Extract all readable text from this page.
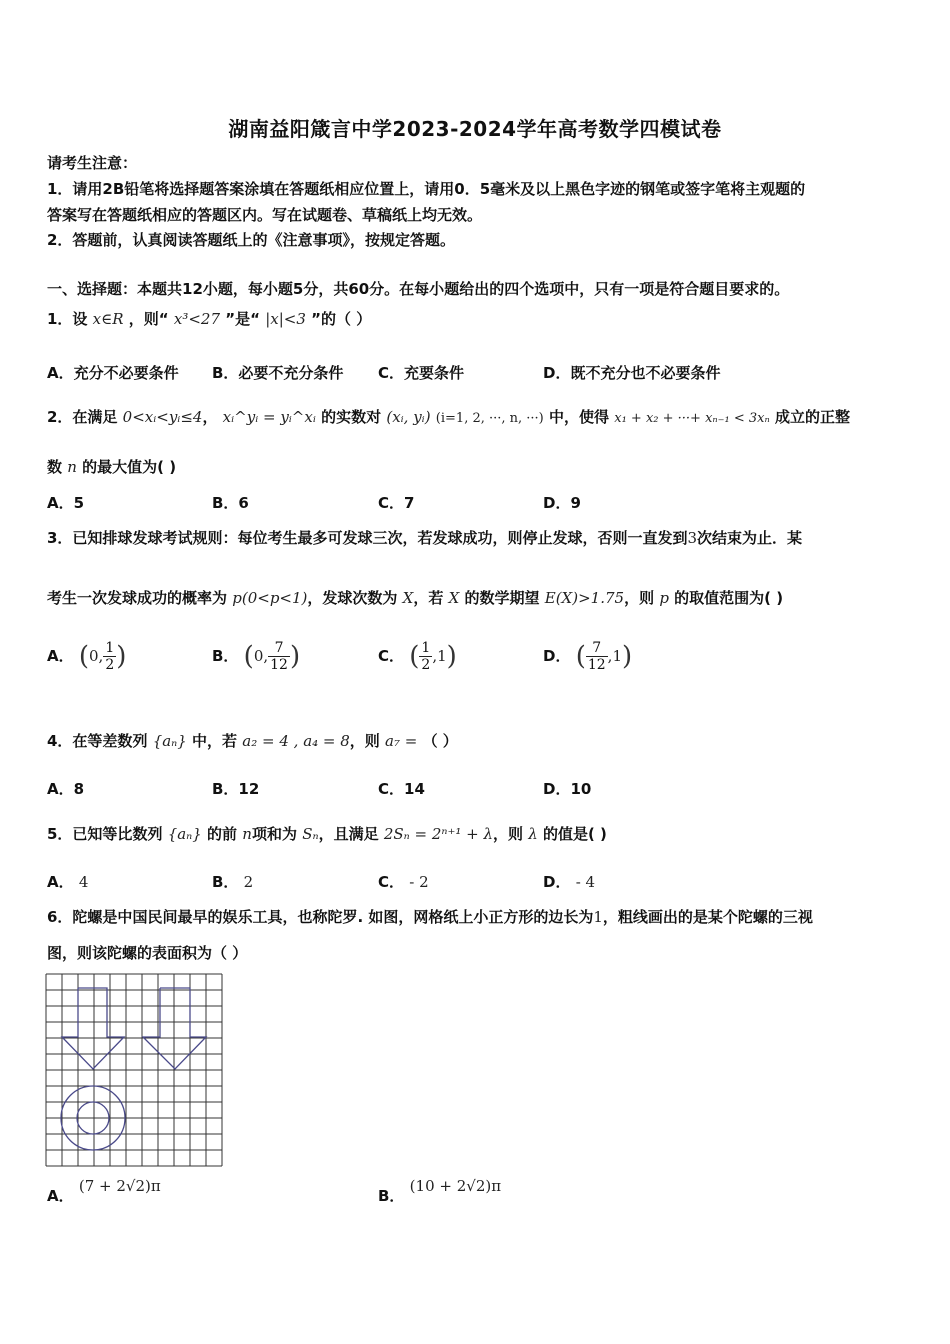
湖南益阳箴言中学2023-2024学年高考数学四模试卷
请考生注意：
1．请用2B铅笔将选择题答案涂填在答题纸相应位置上，请用0．5毫米及以上黑色字迹的钢笔或签字笔将主观题的
答案写在答题纸相应的答题区内。写在试题卷、草稿纸上均无效。
2．答题前，认真阅读答题纸上的《注意事项》，按规定答题。
一、选择题：本题共12小题，每小题5分，共60分。在每小题给出的四个选项中，只有一项是符合题目要求的。
1．设 x∈R ，则“ x³<27 ”是“ |x|<3 ”的（ ）
A．充分不必要条件 B．必要不充分条件 C．充要条件	D．既不充分也不必要条件
2．在满足 0<xᵢ<yᵢ≤4， xᵢ^yᵢ = yᵢ^xᵢ 的实数对 (xᵢ, yᵢ) (i=1, 2, ···, n, ···) 中，使得 x₁ + x₂ + ···+ xₙ₋₁ < 3xₙ 成立的正整
数 n 的最大值为( )
A．5	B．6	C．7	D．9
3．已知排球发球考试规则：每位考生最多可发球三次，若发球成功，则停止发球，否则一直发到3次结束为止．某
考生一次发球成功的概率为 p(0<p<1)，发球次数为 X，若 X 的数学期望 E(X)>1.75，则 p 的取值范围为( )
A． (0, $\frac{1}{2}$ )	B． (0, $\frac{7}{12}$ )	C． ( $\frac{1}{2} ,1$)	D． ( $\frac{7}{12} ,1$)
4．在等差数列 {aₙ} 中，若 a₂ = 4 , a₄ = 8，则 a₇ = （ ）
A．8	B．12	C．14	D．10
5．已知等比数列 {aₙ} 的前 n项和为 Sₙ，且满足 2Sₙ = 2ⁿ⁺¹ + λ，则 λ 的值是( )
A． 4	B． 2	C． - 2	D． - 4
6．陀螺是中国民间最早的娱乐工具，也称陀罗. 如图，网格纸上小正方形的边长为1，粗线画出的是某个陀螺的三视
图，则该陀螺的表面积为（ ）
A． (7 + 2√2)π
B． (10 + 2√2)π
